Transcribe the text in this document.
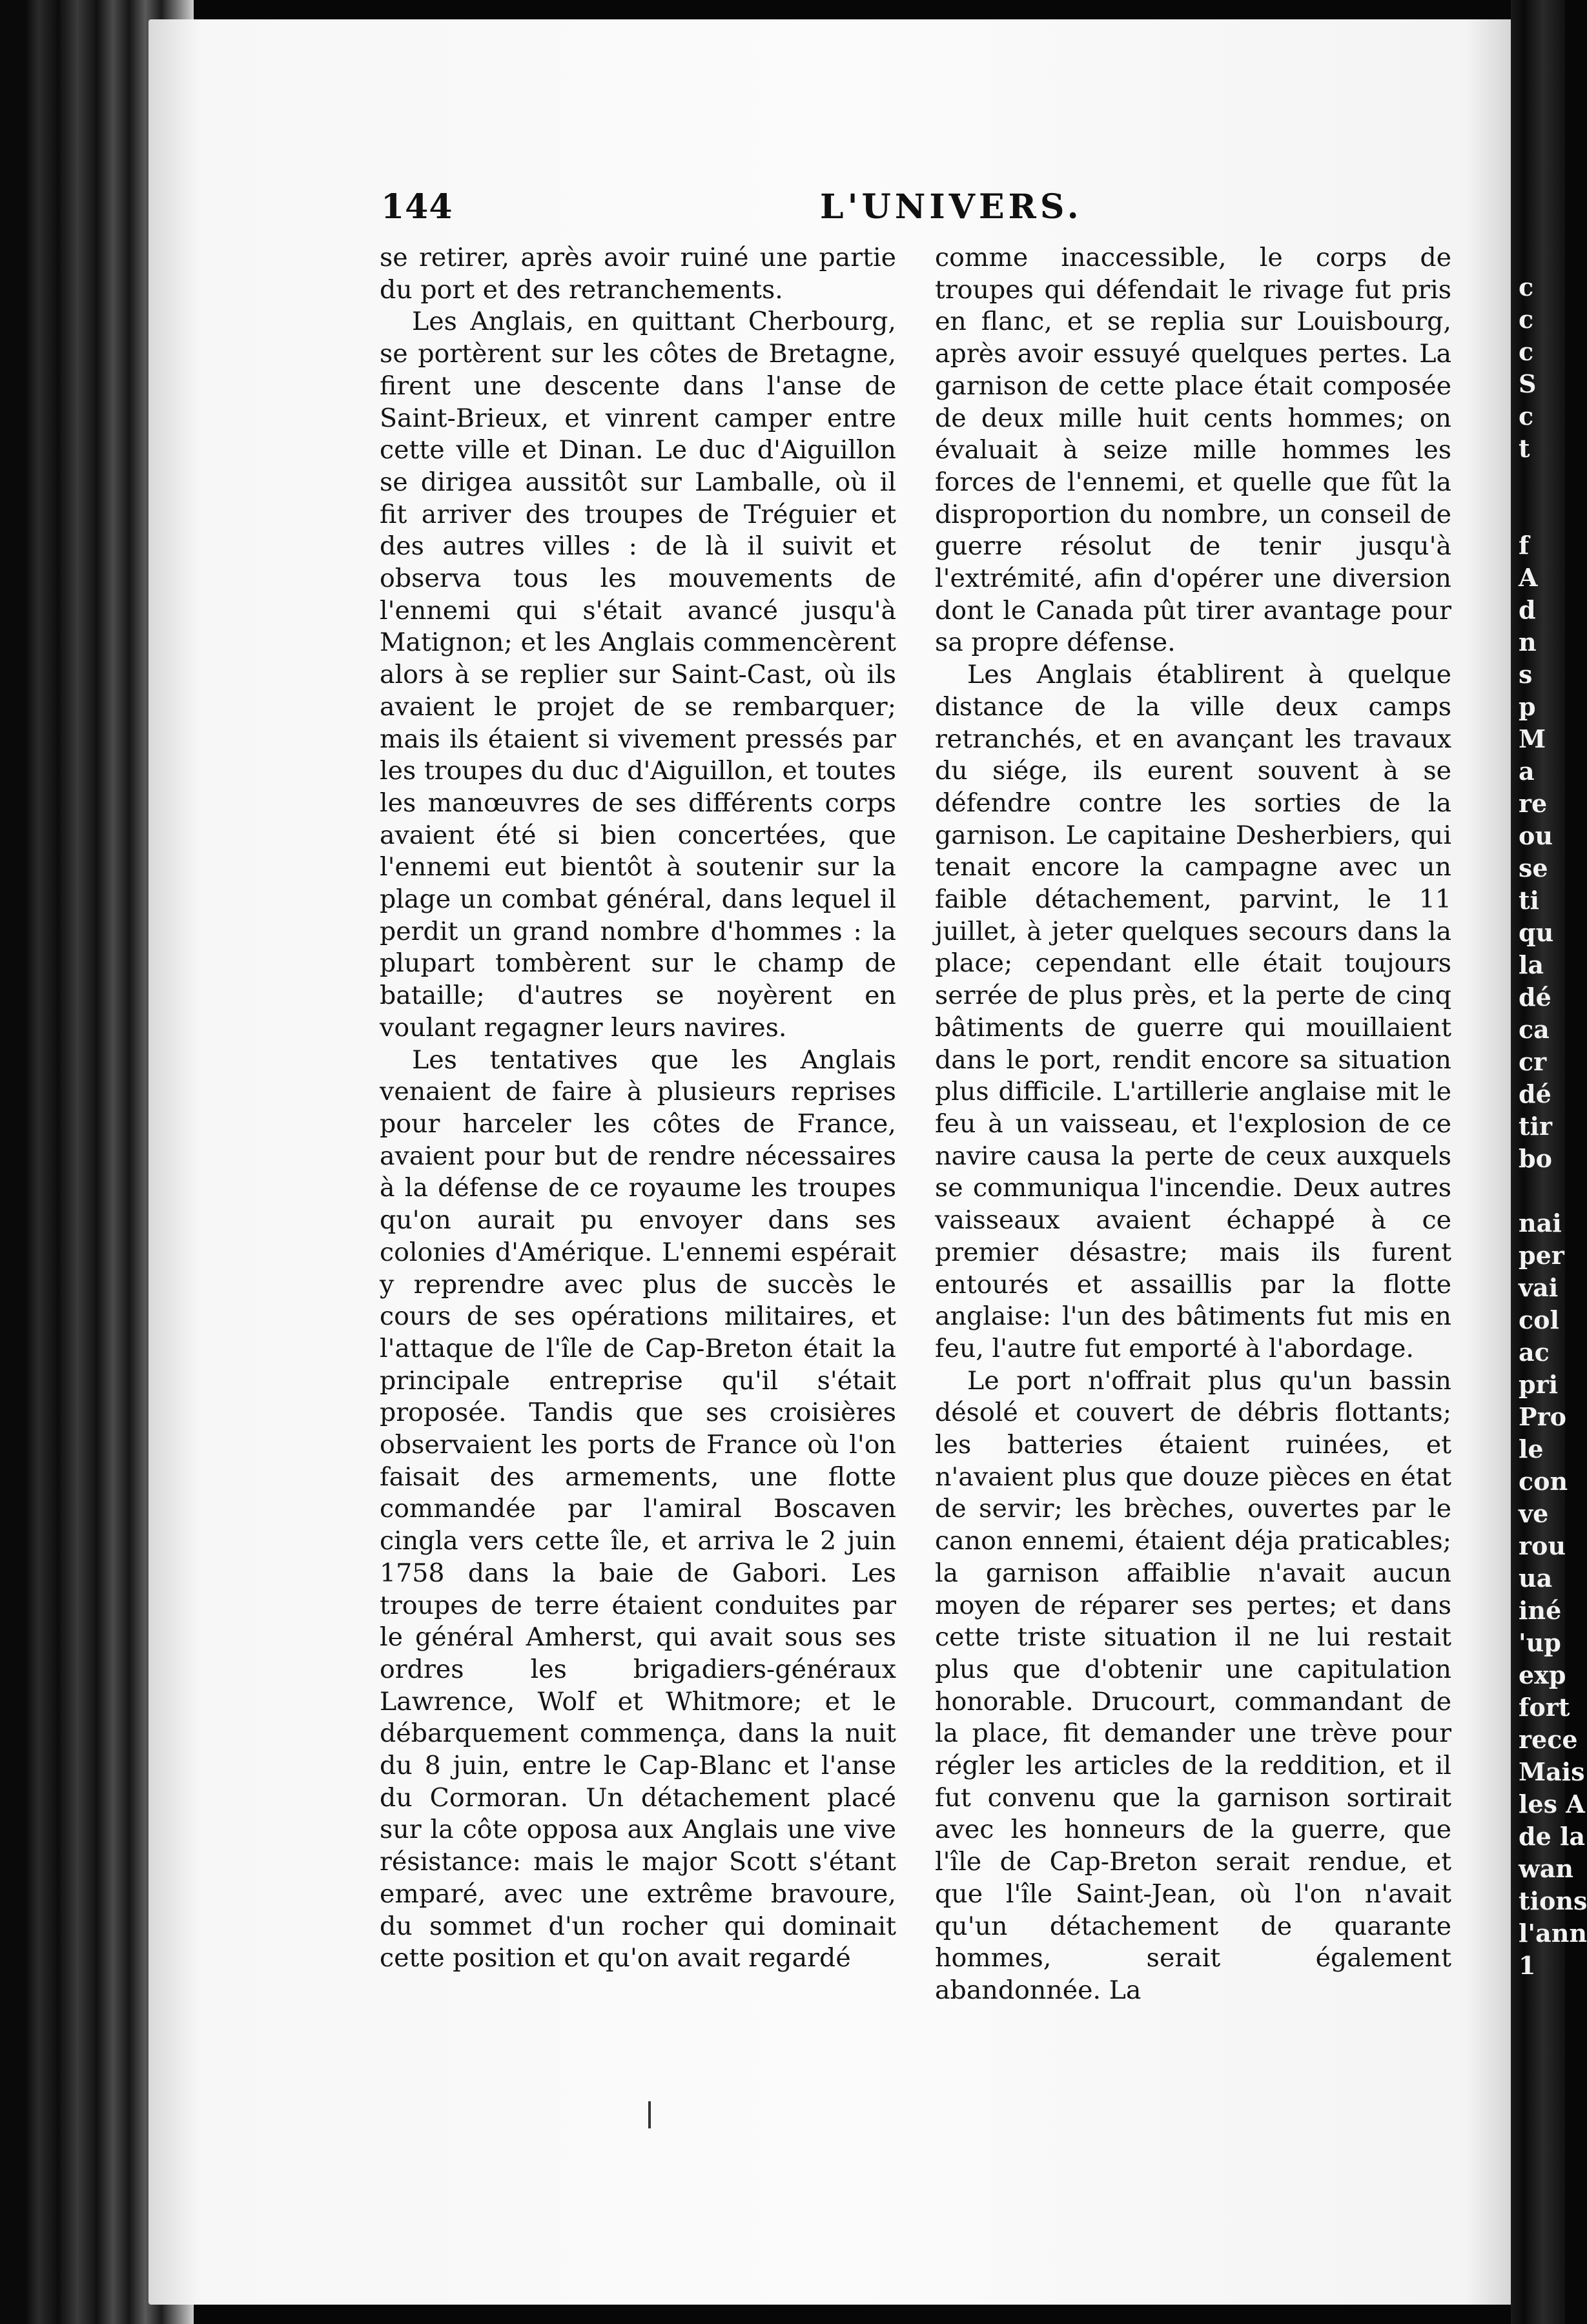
144	L'UNIVERS.

se retirer, après avoir ruiné une partie du port et des retranchements.

Les Anglais, en quittant Cherbourg, se portèrent sur les côtes de Bretagne, firent une descente dans l'anse de Saint-Brieux, et vinrent camper entre cette ville et Dinan. Le duc d'Aiguillon se dirigea aussitôt sur Lamballe, où il fit arriver des troupes de Tréguier et des autres villes : de là il suivit et observa tous les mouvements de l'ennemi qui s'était avancé jusqu'à Matignon; et les Anglais commencèrent alors à se replier sur Saint-Cast, où ils avaient le projet de se rembarquer; mais ils étaient si vivement pressés par les troupes du duc d'Aiguillon, et toutes les manœuvres de ses différents corps avaient été si bien concertées, que l'ennemi eut bientôt à soutenir sur la plage un combat général, dans lequel il perdit un grand nombre d'hommes : la plupart tombèrent sur le champ de bataille; d'autres se noyèrent en voulant regagner leurs navires.

Les tentatives que les Anglais venaient de faire à plusieurs reprises pour harceler les côtes de France, avaient pour but de rendre nécessaires à la défense de ce royaume les troupes qu'on aurait pu envoyer dans ses colonies d'Amérique. L'ennemi espérait y reprendre avec plus de succès le cours de ses opérations militaires, et l'attaque de l'île de Cap-Breton était la principale entreprise qu'il s'était proposée. Tandis que ses croisières observaient les ports de France où l'on faisait des armements, une flotte commandée par l'amiral Boscaven cingla vers cette île, et arriva le 2 juin 1758 dans la baie de Gabori. Les troupes de terre étaient conduites par le général Amherst, qui avait sous ses ordres les brigadiers-généraux Lawrence, Wolf et Whitmore; et le débarquement commença, dans la nuit du 8 juin, entre le Cap-Blanc et l'anse du Cormoran. Un détachement placé sur la côte opposa aux Anglais une vive résistance: mais le major Scott s'étant emparé, avec une extrême bravoure, du sommet d'un rocher qui dominait cette position et qu'on avait regardé

comme inaccessible, le corps de troupes qui défendait le rivage fut pris en flanc, et se replia sur Louisbourg, après avoir essuyé quelques pertes. La garnison de cette place était composée de deux mille huit cents hommes; on évaluait à seize mille hommes les forces de l'ennemi, et quelle que fût la disproportion du nombre, un conseil de guerre résolut de tenir jusqu'à l'extrémité, afin d'opérer une diversion dont le Canada pût tirer avantage pour sa propre défense.

Les Anglais établirent à quelque distance de la ville deux camps retranchés, et en avançant les travaux du siége, ils eurent souvent à se défendre contre les sorties de la garnison. Le capitaine Desherbiers, qui tenait encore la campagne avec un faible détachement, parvint, le 11 juillet, à jeter quelques secours dans la place; cependant elle était toujours serrée de plus près, et la perte de cinq bâtiments de guerre qui mouillaient dans le port, rendit encore sa situation plus difficile. L'artillerie anglaise mit le feu à un vaisseau, et l'explosion de ce navire causa la perte de ceux auxquels se communiqua l'incendie. Deux autres vaisseaux avaient échappé à ce premier désastre; mais ils furent entourés et assaillis par la flotte anglaise: l'un des bâtiments fut mis en feu, l'autre fut emporté à l'abordage.

Le port n'offrait plus qu'un bassin désolé et couvert de débris flottants; les batteries étaient ruinées, et n'avaient plus que douze pièces en état de servir; les brèches, ouvertes par le canon ennemi, étaient déja praticables; la garnison affaiblie n'avait aucun moyen de réparer ses pertes; et dans cette triste situation il ne lui restait plus que d'obtenir une capitulation honorable. Drucourt, commandant de la place, fit demander une trève pour régler les articles de la reddition, et il fut convenu que la garnison sortirait avec les honneurs de la guerre, que l'île de Cap-Breton serait rendue, et que l'île Saint-Jean, où l'on n'avait qu'un détachement de quarante hommes, serait également abandonnée. La

c
c
c
S
c
t
f
A
d
n
s
p
M
a
re
ou
se
ti
qu
la
dé
ca
cr
dé
tir
bo
nai
per
vai
col
ac
pri
Pro
le
con
ve
rou
ua
iné
'up
exp
fort
rece
Mais
les A
de la
wan
tions
l'ann
1
